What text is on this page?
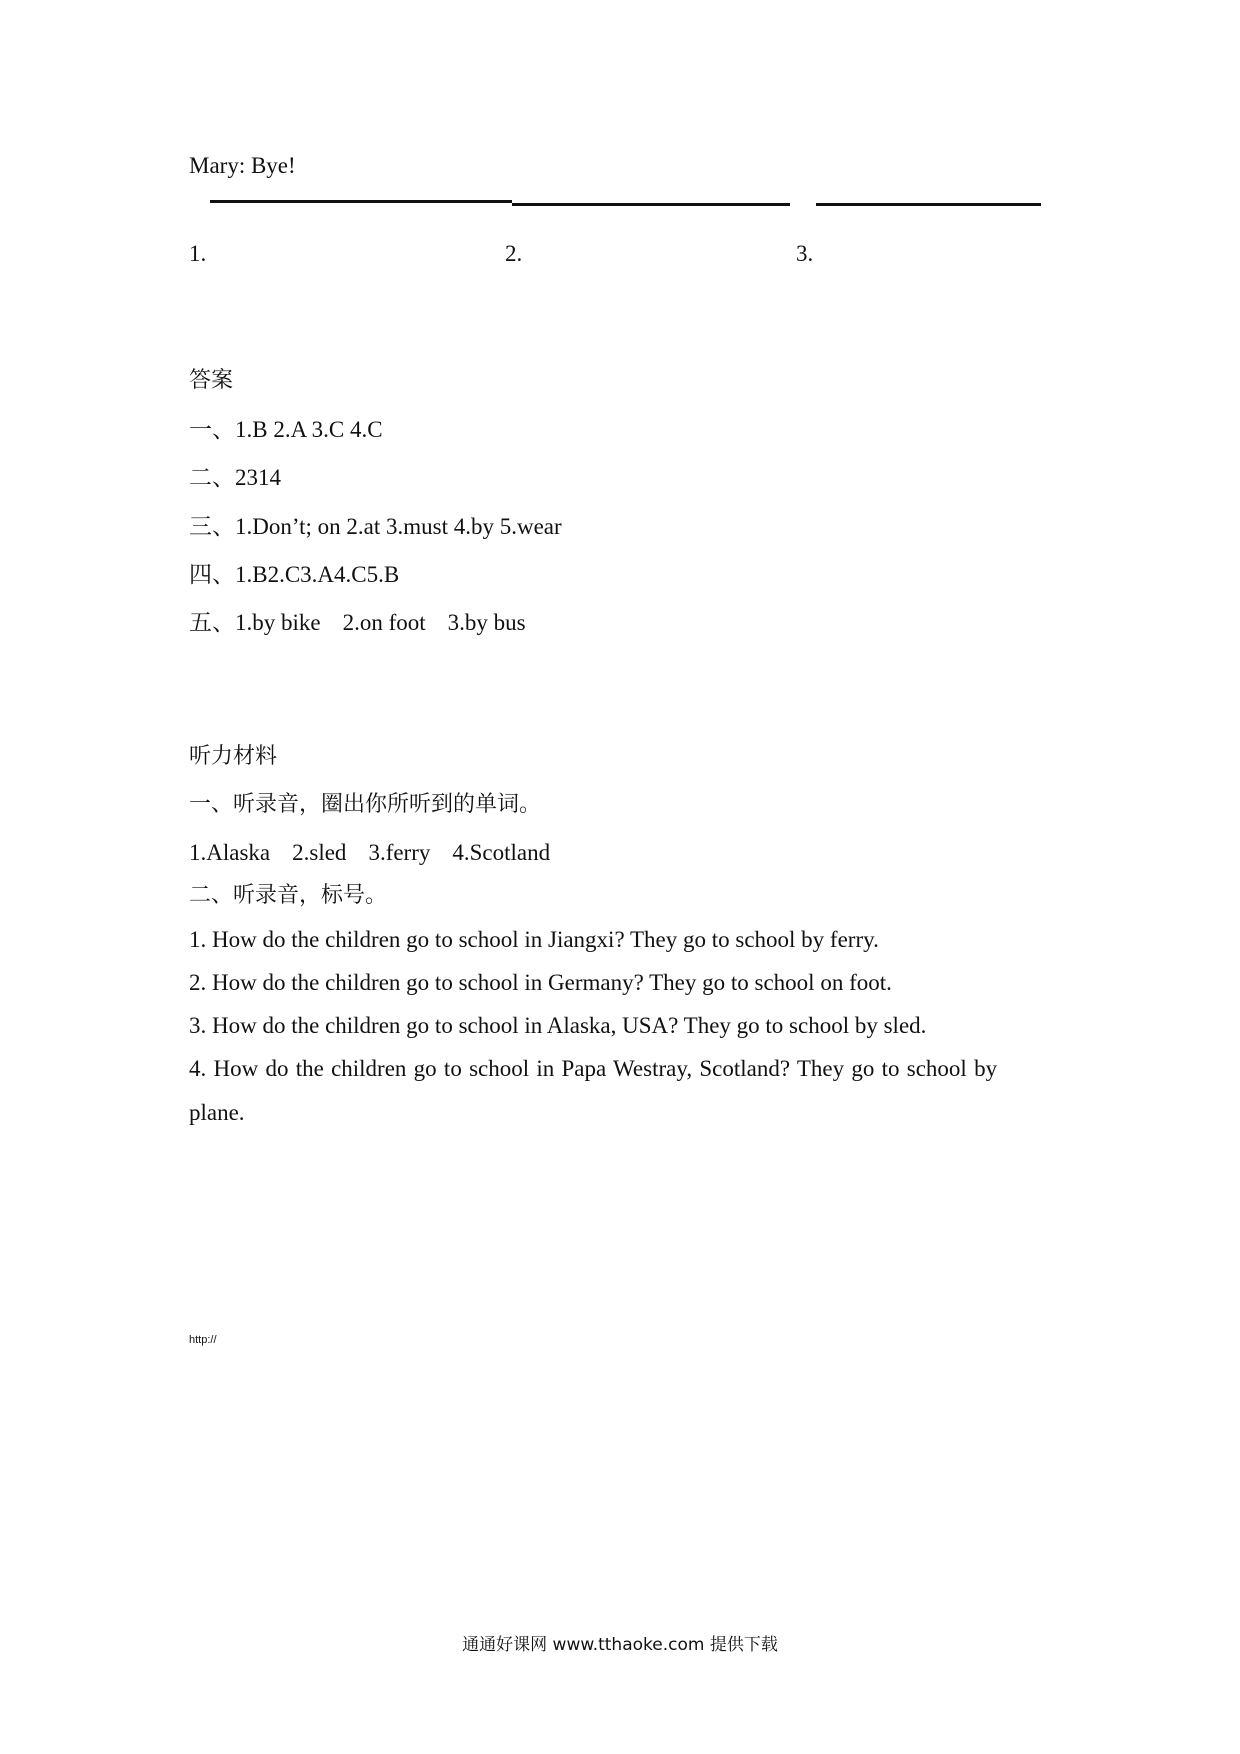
Mary: Bye!
1.	2.	3.
答案
一、1.B 2.A 3.C 4.C
二、2314
三、1.Don’t; on 2.at 3.must 4.by 5.wear
四、1.B2.C3.A4.C5.B
五、1.by bike 2.on foot 3.by bus
听力材料
一、听录音，圈出你所听到的单词。
1.Alaska 2.sled 3.ferry 4.Scotland
二、听录音，标号。
1. How do the children go to school in Jiangxi? They go to school by ferry.
2. How do the children go to school in Germany? They go to school on foot.
3. How do the children go to school in Alaska, USA? They go to school by sled.
4. How do the children go to school in Papa Westray, Scotland? They go to school by
plane.
http://
通通好课网 www.tthaoke.com 提供下载
